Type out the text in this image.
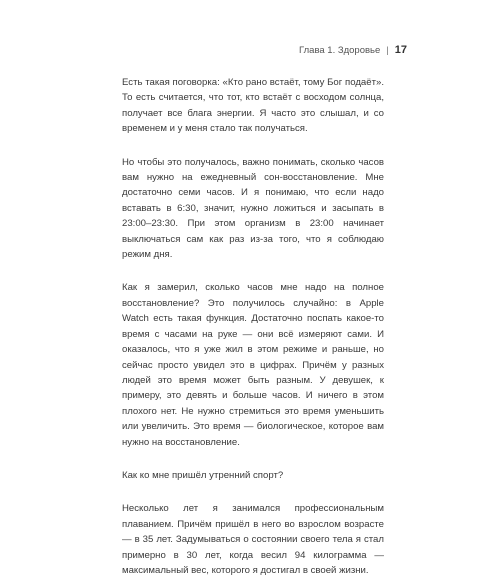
Глава 1. Здоровье | 17

Есть такая поговорка: «Кто рано встаёт, тому Бог подаёт». То есть считается, что тот, кто встаёт с восходом солнца, получает все блага энергии. Я часто это слышал, и со временем и у меня стало так получаться.

Но чтобы это получалось, важно понимать, сколько часов вам нужно на ежедневный сон-восстановление. Мне достаточно семи часов. И я понимаю, что если надо вставать в 6:30, значит, нужно ложиться и засыпать в 23:00–23:30. При этом организм в 23:00 начинает выключаться сам как раз из-за того, что я соблюдаю режим дня.

Как я замерил, сколько часов мне надо на полное восстановление? Это получилось случайно: в Apple Watch есть такая функция. Достаточно поспать какое-то время с часами на руке — они всё измеряют сами. И оказалось, что я уже жил в этом режиме и раньше, но сейчас просто увидел это в цифрах. Причём у разных людей это время может быть разным. У девушек, к примеру, это девять и больше часов. И ничего в этом плохого нет. Не нужно стремиться это время уменьшить или увеличить. Это время — биологическое, которое вам нужно на восстановление.

Как ко мне пришёл утренний спорт?

Несколько лет я занимался профессиональным плаванием. Причём пришёл в него во взрослом возрасте — в 35 лет. Задумываться о состоянии своего тела я стал примерно в 30 лет, когда весил 94 килограмма — максимальный вес, которого я достигал в своей жизни.
